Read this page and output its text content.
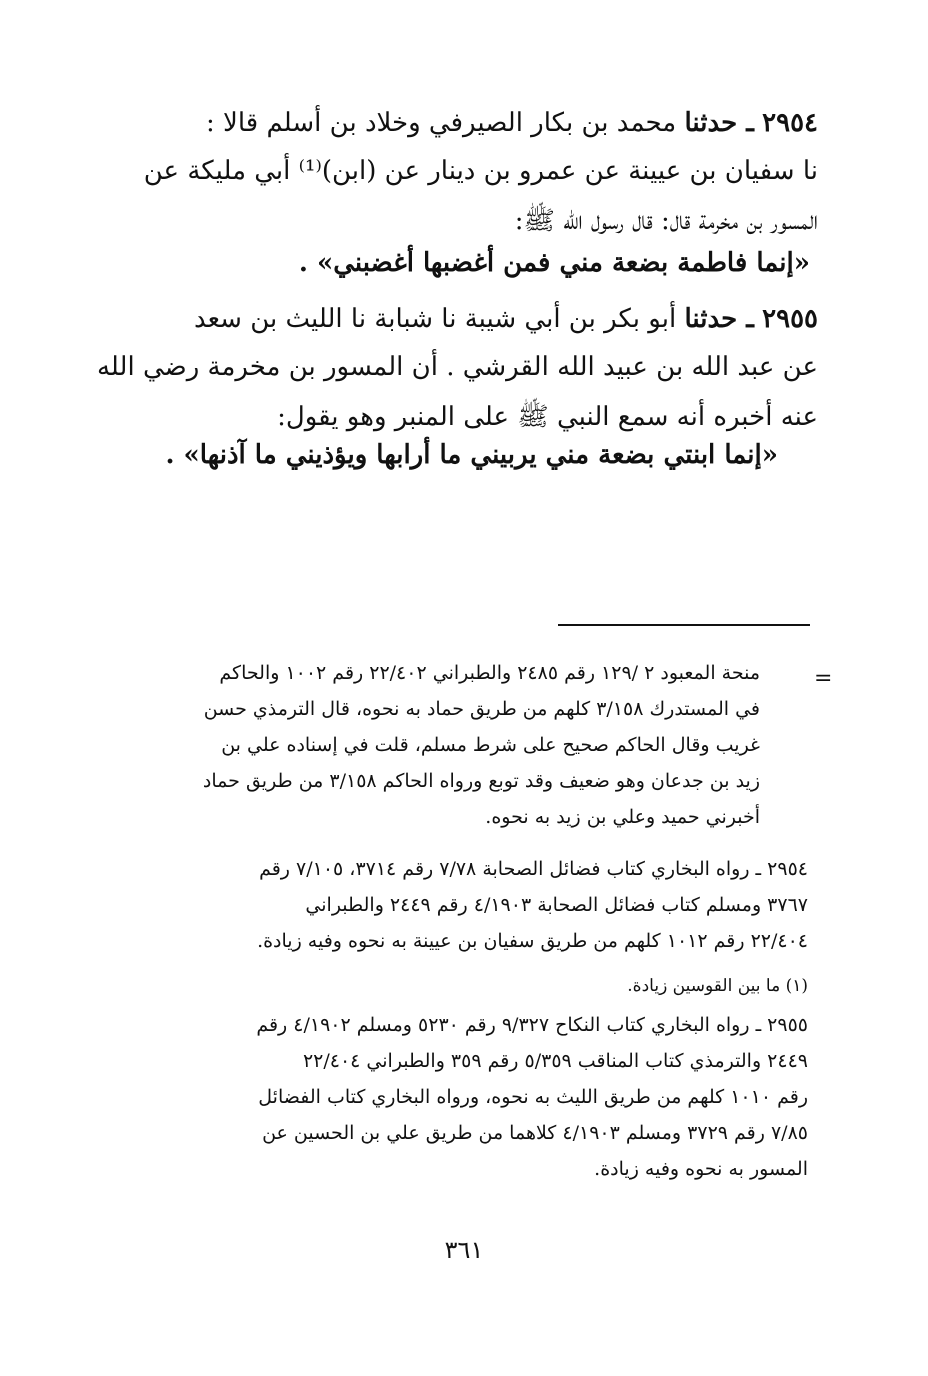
٢٩٥٤ ـ حدثنا محمد بن بكار الصيرفي وخلاد بن أسلم قالا :
نا سفيان بن عيينة عن عمرو بن دينار عن (ابن)⁽¹⁾ أبي مليكة عن
المسور بن مخرمة قال: قال رسول الله ﷺ:
«إنما فاطمة بضعة مني فمن أغضبها أغضبني» .
٢٩٥٥ ـ حدثنا أبو بكر بن أبي شيبة نا شبابة نا الليث بن سعد
عن عبد الله بن عبيد الله القرشي . أن المسور بن مخرمة رضي الله
عنه أخبره أنه سمع النبي ﷺ على المنبر وهو يقول:
«إنما ابنتي بضعة مني يربيني ما أرابها ويؤذيني ما آذنها» .
=
منحة المعبود ٢ /١٢٩ رقم ٢٤٨٥ والطبراني ٢٢/٤٠٢ رقم ١٠٠٢ والحاكم
في المستدرك ٣/١٥٨ كلهم من طريق حماد به نحوه، قال الترمذي حسن
غريب وقال الحاكم صحيح على شرط مسلم، قلت في إسناده علي بن
زيد بن جدعان وهو ضعيف وقد توبع ورواه الحاكم ٣/١٥٨ من طريق حماد
أخبرني حميد وعلي بن زيد به نحوه.
٢٩٥٤ ـ رواه البخاري كتاب فضائل الصحابة ٧/٧٨ رقم ٣٧١٤، ٧/١٠٥ رقم
٣٧٦٧ ومسلم كتاب فضائل الصحابة ٤/١٩٠٣ رقم ٢٤٤٩ والطبراني
٢٢/٤٠٤ رقم ١٠١٢ كلهم من طريق سفيان بن عيينة به نحوه وفيه زيادة.
(١) ما بين القوسين زيادة.
٢٩٥٥ ـ رواه البخاري كتاب النكاح ٩/٣٢٧ رقم ٥٢٣٠ ومسلم ٤/١٩٠٢ رقم
٢٤٤٩ والترمذي كتاب المناقب ٥/٣٥٩ رقم ٣٥٩ والطبراني ٢٢/٤٠٤
رقم ١٠١٠ كلهم من طريق الليث به نحوه، ورواه البخاري كتاب الفضائل
٧/٨٥ رقم ٣٧٢٩ ومسلم ٤/١٩٠٣ كلاهما من طريق علي بن الحسين عن
المسور به نحوه وفيه زيادة.
٣٦١
